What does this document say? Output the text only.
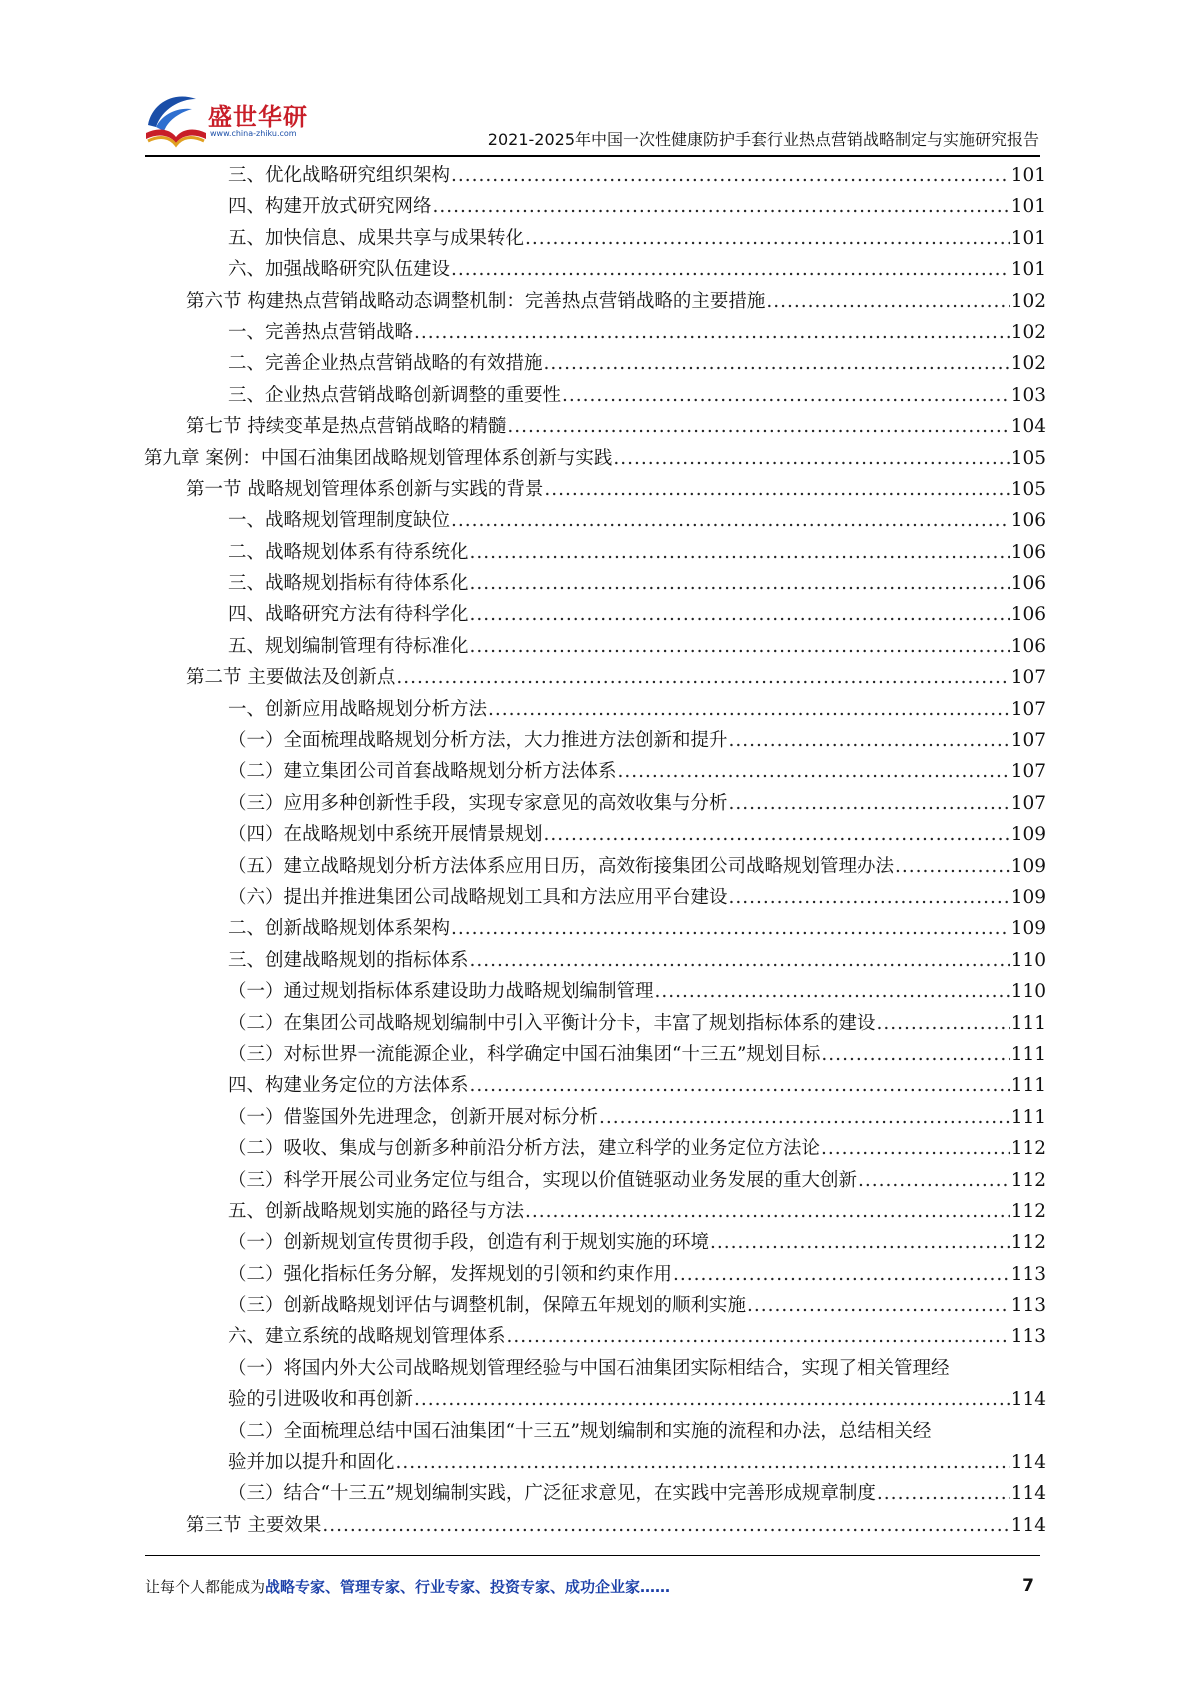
盛世华研
www.china-zhiku.com	2021-2025年中国一次性健康防护手套行业热点营销战略制定与实施研究报告
三、优化战略研究组织架构 .....	101
四、构建开放式研究网络 .....	101
五、加快信息、成果共享与成果转化 .....	101
六、加强战略研究队伍建设 .....	101
第六节 构建热点营销战略动态调整机制：完善热点营销战略的主要措施 .....	102
一、完善热点营销战略 .....	102
二、完善企业热点营销战略的有效措施 .....	102
三、企业热点营销战略创新调整的重要性 .....	103
第七节 持续变革是热点营销战略的精髓 .....	104
第九章 案例：中国石油集团战略规划管理体系创新与实践 .....	105
第一节 战略规划管理体系创新与实践的背景 .....	105
一、战略规划管理制度缺位 .....	106
二、战略规划体系有待系统化 .....	106
三、战略规划指标有待体系化 .....	106
四、战略研究方法有待科学化 .....	106
五、规划编制管理有待标准化 .....	106
第二节 主要做法及创新点 .....	107
一、创新应用战略规划分析方法 .....	107
（一）全面梳理战略规划分析方法，大力推进方法创新和提升 .....	107
（二）建立集团公司首套战略规划分析方法体系 .....	107
（三）应用多种创新性手段，实现专家意见的高效收集与分析 .....	107
（四）在战略规划中系统开展情景规划 .....	109
（五）建立战略规划分析方法体系应用日历，高效衔接集团公司战略规划管理办法 .....	109
（六）提出并推进集团公司战略规划工具和方法应用平台建设 .....	109
二、创新战略规划体系架构 .....	109
三、创建战略规划的指标体系 .....	110
（一）通过规划指标体系建设助力战略规划编制管理 .....	110
（二）在集团公司战略规划编制中引入平衡计分卡，丰富了规划指标体系的建设 .....	111
（三）对标世界一流能源企业，科学确定中国石油集团“十三五”规划目标 .....	111
四、构建业务定位的方法体系 .....	111
（一）借鉴国外先进理念，创新开展对标分析 .....	111
（二）吸收、集成与创新多种前沿分析方法，建立科学的业务定位方法论 .....	112
（三）科学开展公司业务定位与组合，实现以价值链驱动业务发展的重大创新 .....	112
五、创新战略规划实施的路径与方法 .....	112
（一）创新规划宣传贯彻手段，创造有利于规划实施的环境 .....	112
（二）强化指标任务分解，发挥规划的引领和约束作用 .....	113
（三）创新战略规划评估与调整机制，保障五年规划的顺利实施 .....	113
六、建立系统的战略规划管理体系 .....	113
（一）将国内外大公司战略规划管理经验与中国石油集团实际相结合，实现了相关管理经
验的引进吸收和再创新 .....	114
（二）全面梳理总结中国石油集团“十三五”规划编制和实施的流程和办法，总结相关经
验并加以提升和固化 .....	114
（三）结合“十三五”规划编制实践，广泛征求意见，在实践中完善形成规章制度 .....	114
第三节 主要效果 .....	114
让每个人都能成为战略专家、管理专家、行业专家、投资专家、成功企业家……	7
